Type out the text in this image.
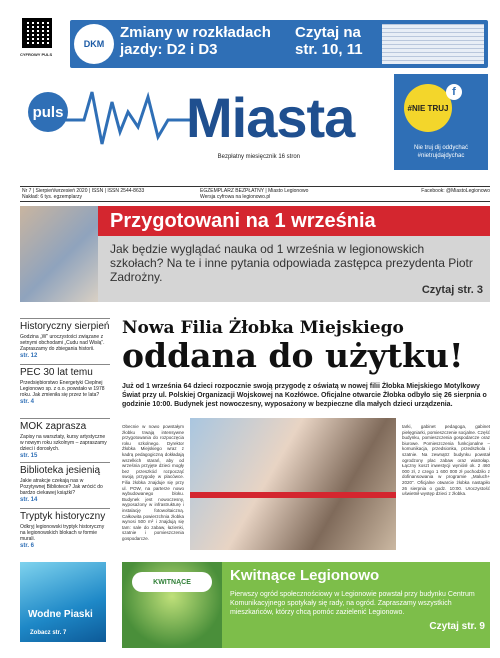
CYFROWY PULS
DKM
Zmiany w rozkładach jazdy: D2 i D3
Czytaj na str. 10, 11
puls Miasta
Bezpłatny miesięcznik 16 stron
#NIE TRUJ
f
Nie truj dij oddychać #nietrujdajdychac
Nr 7 | Sierpień/wrzesień 2020 | ISSN | ISSN 2544-8633
Nakład: 6 tys. egzemplarzy
EGZEMPLARZ BEZPŁATNY | Miasto Legionowo
Wersja cyfrowa na legionowo.pl
Facebook: @MiastoLegionowo
Przygotowani na 1 września
Jak będzie wyglądać nauka od 1 września w legionowskich szkołach? Na te i inne pytania odpowiada zastępca prezydenta Piotr Zadrożny.
Czytaj str. 3
Historyczny sierpień

Godzina „W” uroczystości związane z setnymi obchodami „Cudu nad Wisłą”. Zapraszamy do zbiegania historii.

str. 12
PEC 30 lat temu

Przedsiębiorstwo Energetyki Cieplnej Legionowo sp. z o.o. powstało w 1978 roku. Jak zmieniła się przez te lata?

str. 4
MOK zaprasza

Zapisy na warsztaty, kursy artystyczne w nowym roku szkolnym – zapraszamy dzieci i dorosłych.

str. 15
Biblioteka jesienią

Jakie atrakcje czekają nas w Pozytywnej Bibliotece? Jak wrócić do bardzo ciekawej książki?

str. 14
Tryptyk historyczny

Odkryj legionowski tryptyk historyczny na legionowskich blokach w formie murali.

str. 6
Wodne Piaski
Zobacz str. 7
Nowa Filia Żłobka Miejskiego
oddana do użytku!
Już od 1 września 64 dzieci rozpocznie swoją przygodę z oświatą w nowej filii Żłobka Miejskiego Motylkowy Świat przy ul. Polskiej Organizacji Wojskowej na Kozłówce. Oficjalne otwarcie Żłobka odbyło się 26 sierpnia o godzinie 10:00. Budynek jest nowoczesny, wyposażony w bezpieczne dla małych dzieci urządzenia.
Obecnie w nowo powstałym żłobku trwają intensywne przygotowania do rozpoczęcia roku szkolnego. Dyrektor Żłobka Miejskiego wraz z kadrą pedagogiczną dokładają wszelkich starań, aby od września przyjęte dzieci mogły bez przeszkód rozpocząć swoją przygodę w placówce. Filia żłobka znajduje się przy ul. POW, na parterze nowo wybudowanego bloku. Budynek jest nowoczesny, wyposażony w infrastrukturę i instalację fotowoltaiczną. Całkowita powierzchnia żłobka wynosi 500 m² i znajdują się tam: sale do zabaw, łazienki, szatnie i pomieszczenia gospodarcze.
tarki, gabinet pedagoga, gabinet pielęgniarki, pomieszczenie socjalne. Część budynku, pomieszczenia gospodarcze oraz biurowe. Pomieszczenia funkcjonalne – komunikacja, przedsionka, przedszkola i szatnie. Na zewnątrz budynku powstał ogrodzony plac zabaw oraz wiatrołap. Łączny koszt inwestycji wyniósł ok. 2 460 000 zł, z czego 1 600 000 zł pochodziło z dofinansowania w programie „Maluch+ 2020”. Oficjalne otwarcie żłobka nastąpiło 26 sierpnia o godz. 10:00. Uroczystość uświetnił występ dzieci z żłobka.
KWITNĄCE	Kwitnące Legionowo
Pierwszy ogród społecznościowy w Legionowie powstał przy budynku Centrum Komunikacyjnego spotykały się rady, na ogród. Zapraszamy wszystkich mieszkańców, którzy chcą pomóc zazielenić Legionowo.
Czytaj str. 9
